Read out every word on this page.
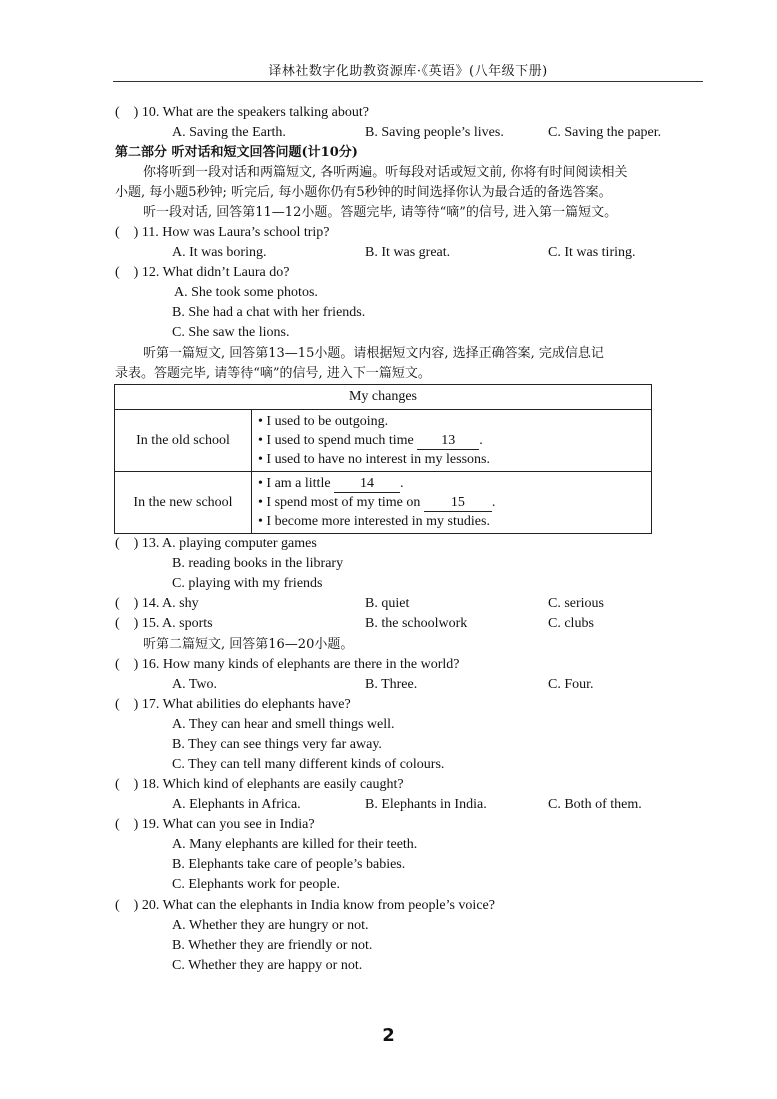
译林社数字化助教资源库·《英语》(八年级下册)
(    ) 10. What are the speakers talking about?
A. Saving the Earth.	B. Saving people’s lives.	C. Saving the paper.
第二部分 听对话和短文回答问题(计10分)
你将听到一段对话和两篇短文, 各听两遍。听每段对话或短文前, 你将有时间阅读相关
小题, 每小题5秒钟; 听完后, 每小题你仍有5秒钟的时间选择你认为最合适的备选答案。
听一段对话, 回答第11—12小题。答题完毕, 请等待“嘀”的信号, 进入第一篇短文。
(    ) 11. How was Laura’s school trip?
A. It was boring.	B. It was great.	C. It was tiring.
(    ) 12. What didn’t Laura do?
A. She took some photos.
B. She had a chat with her friends.
C. She saw the lions.
听第一篇短文, 回答第13—15小题。请根据短文内容, 选择正确答案, 完成信息记
录表。答题完毕, 请等待“嘀”的信号, 进入下一篇短文。
My changes	
In the old school	• I used to be outgoing.
• I used to spend much time 13 .
• I used to have no interest in my lessons.

In the new school	• I am a little 14 .
• I spend most of my time on 15 .
• I become more interested in my studies.
(    ) 13. A. playing computer games
B. reading books in the library
C. playing with my friends
(    ) 14. A. shy	B. quiet	C. serious
(    ) 15. A. sports	B. the schoolwork	C. clubs
听第二篇短文, 回答第16—20小题。
(    ) 16. How many kinds of elephants are there in the world?
A. Two.	B. Three.	C. Four.
(    ) 17. What abilities do elephants have?
A. They can hear and smell things well.
B. They can see things very far away.
C. They can tell many different kinds of colours.
(    ) 18. Which kind of elephants are easily caught?
A. Elephants in Africa.	B. Elephants in India.	C. Both of them.
(    ) 19. What can you see in India?
A. Many elephants are killed for their teeth.
B. Elephants take care of people’s babies.
C. Elephants work for people.
(    ) 20. What can the elephants in India know from people’s voice?
A. Whether they are hungry or not.
B. Whether they are friendly or not.
C. Whether they are happy or not.
2
